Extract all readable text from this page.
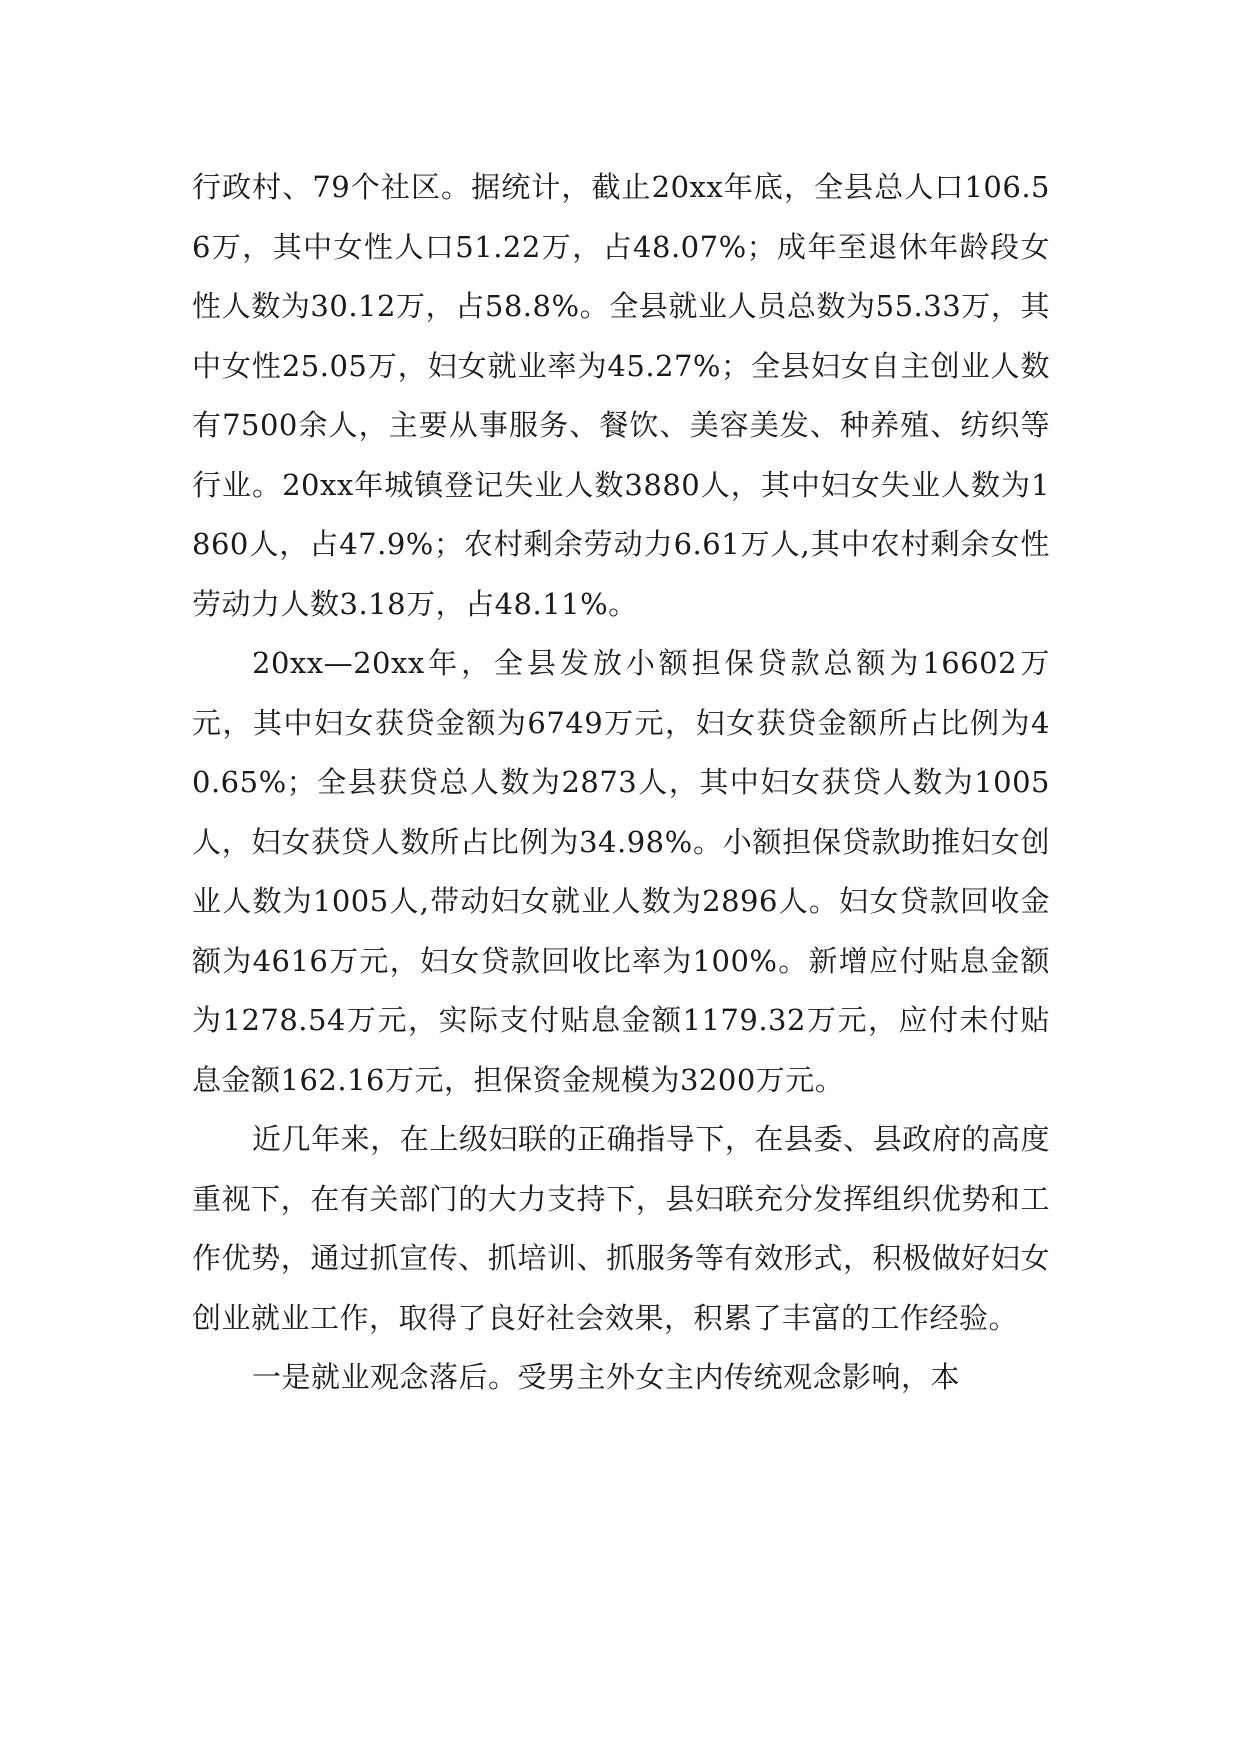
行政村、79个社区。据统计，截止20xx年底，全县总人口106.56万，其中女性人口51.22万，占48.07%；成年至退休年龄段女性人数为30.12万，占58.8%。全县就业人员总数为55.33万，其中女性25.05万，妇女就业率为45.27%；全县妇女自主创业人数有7500余人，主要从事服务、餐饮、美容美发、种养殖、纺织等行业。20xx年城镇登记失业人数3880人，其中妇女失业人数为1860人，占47.9%；农村剩余劳动力6.61万人,其中农村剩余女性劳动力人数3.18万，占48.11%。

20xx—20xx年，全县发放小额担保贷款总额为16602万元，其中妇女获贷金额为6749万元，妇女获贷金额所占比例为40.65%；全县获贷总人数为2873人，其中妇女获贷人数为1005人，妇女获贷人数所占比例为34.98%。小额担保贷款助推妇女创业人数为1005人,带动妇女就业人数为2896人。妇女贷款回收金额为4616万元，妇女贷款回收比率为100%。新增应付贴息金额为1278.54万元，实际支付贴息金额1179.32万元，应付未付贴息金额162.16万元，担保资金规模为3200万元。

近几年来，在上级妇联的正确指导下，在县委、县政府的高度重视下，在有关部门的大力支持下，县妇联充分发挥组织优势和工作优势，通过抓宣传、抓培训、抓服务等有效形式，积极做好妇女创业就业工作，取得了良好社会效果，积累了丰富的工作经验。

一是就业观念落后。受男主外女主内传统观念影响，本
